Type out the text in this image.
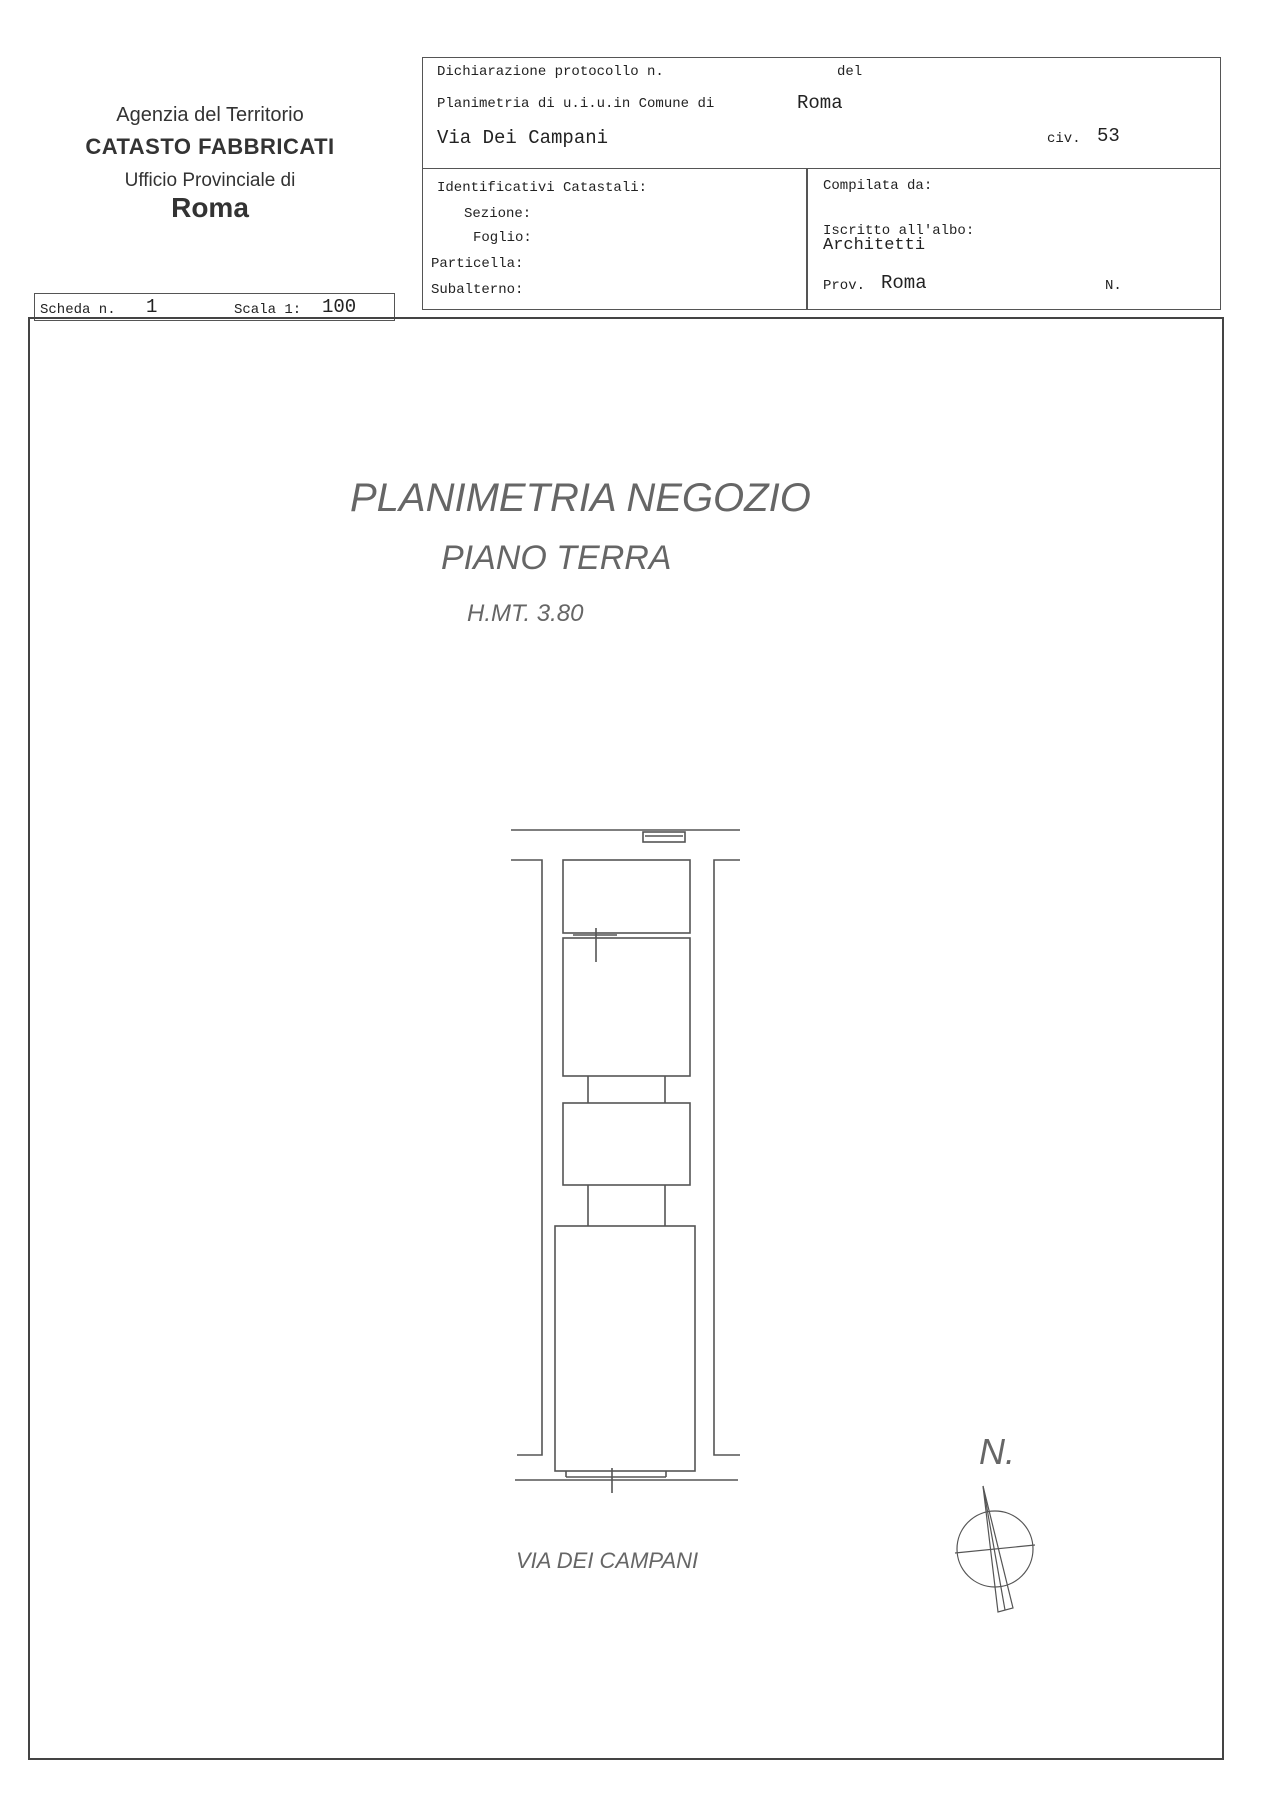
Agenzia del Territorio
CATASTO FABBRICATI
Ufficio Provinciale di
Roma
Dichiarazione protocollo n.	del
Planimetria di u.i.u.in Comune di	Roma
Via Dei Campani	civ. 53
Identificativi Catastali:
Sezione:
Foglio:
Particella:
Subalterno:
Compilata da:
Iscritto all'albo:
Architetti
Prov. Roma	N.
Scheda n. 1	Scala 1: 100
PLANIMETRIA NEGOZIO
PIANO TERRA
H.MT. 3.80
VIA DEI CAMPANI
N.
